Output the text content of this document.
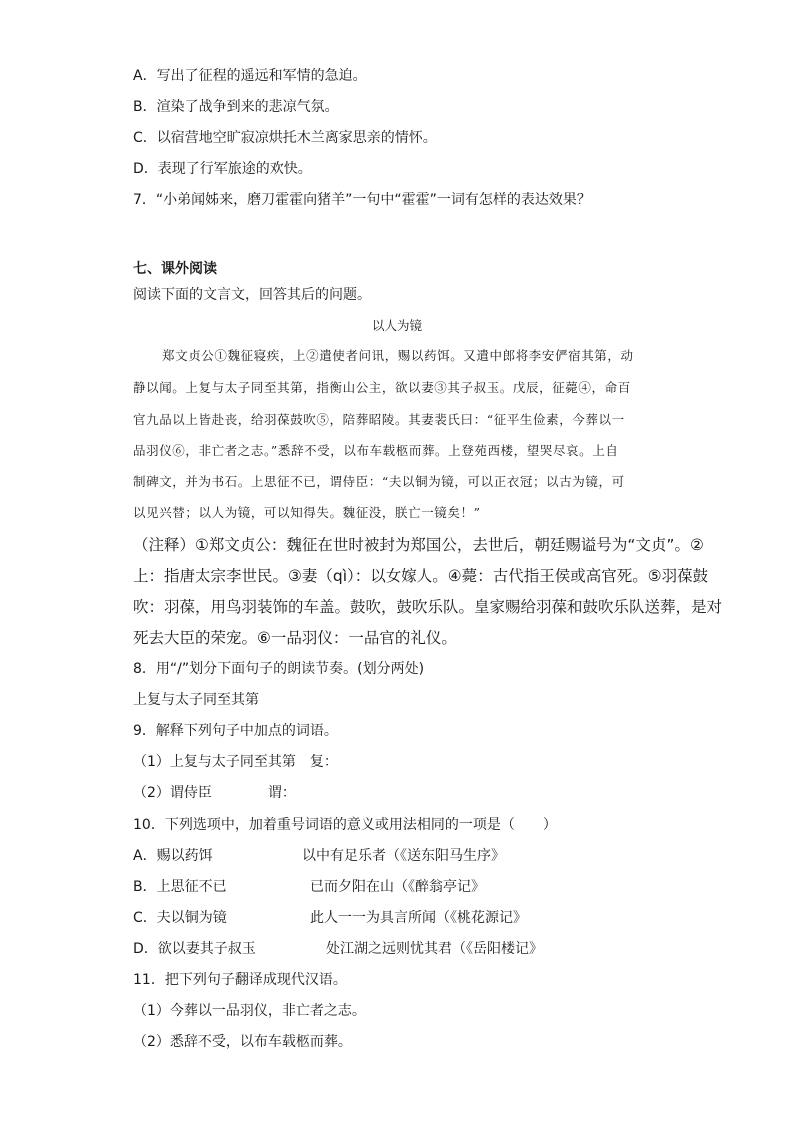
A．写出了征程的遥远和军情的急迫。
B．渲染了战争到来的悲凉气氛。
C．以宿营地空旷寂凉烘托木兰离家思亲的情怀。
D．表现了行军旅途的欢快。
7．“小弟闻姊来，磨刀霍霍向猪羊”一句中“霍霍”一词有怎样的表达效果？
七、课外阅读
阅读下面的文言文，回答其后的问题。
以人为镜
郑文贞公①魏征寝疾，上②遣使者问讯，赐以药饵。又遣中郎将李安俨宿其第，动
静以闻。上复与太子同至其第，指衡山公主，欲以妻③其子叔玉。戊辰，征薨④，命百
官九品以上皆赴丧，给羽葆鼓吹⑤，陪葬昭陵。其妻裴氏曰：“征平生俭素，今葬以一
品羽仪⑥，非亡者之志。”悉辞不受，以布车载柩而葬。上登苑西楼，望哭尽哀。上自
制碑文，并为书石。上思征不已，谓侍臣：“夫以铜为镜，可以正衣冠；以古为镜，可
以见兴替；以人为镜，可以知得失。魏征没，朕亡一镜矣！”
（注释）①郑文贞公：魏征在世时被封为郑国公，去世后，朝廷赐谥号为“文贞”。②
上：指唐太宗李世民。③妻（qì）：以女嫁人。④薨：古代指王侯或高官死。⑤羽葆鼓
吹：羽葆，用鸟羽装饰的车盖。鼓吹，鼓吹乐队。皇家赐给羽葆和鼓吹乐队送葬，是对
死去大臣的荣宠。⑥一品羽仪：一品官的礼仪。
8．用“/”划分下面句子的朗读节奏。(划分两处)
上复与太子同至其第
9．解释下列句子中加点的词语。
（1）上复与太子同至其第　复：
（2）谓侍臣　　　　谓：
10．下列选项中，加着重号词语的意义或用法相同的一项是（　　）
A．赐以药饵	以中有足乐者（《送东阳马生序》
B．上思征不已	已而夕阳在山（《醉翁亭记》
C．夫以铜为镜	此人一一为具言所闻（《桃花源记》
D．欲以妻其子叔玉	处江湖之远则忧其君（《岳阳楼记》
11．把下列句子翻译成现代汉语。
（1）今葬以一品羽仪，非亡者之志。
（2）悉辞不受，以布车载柩而葬。
